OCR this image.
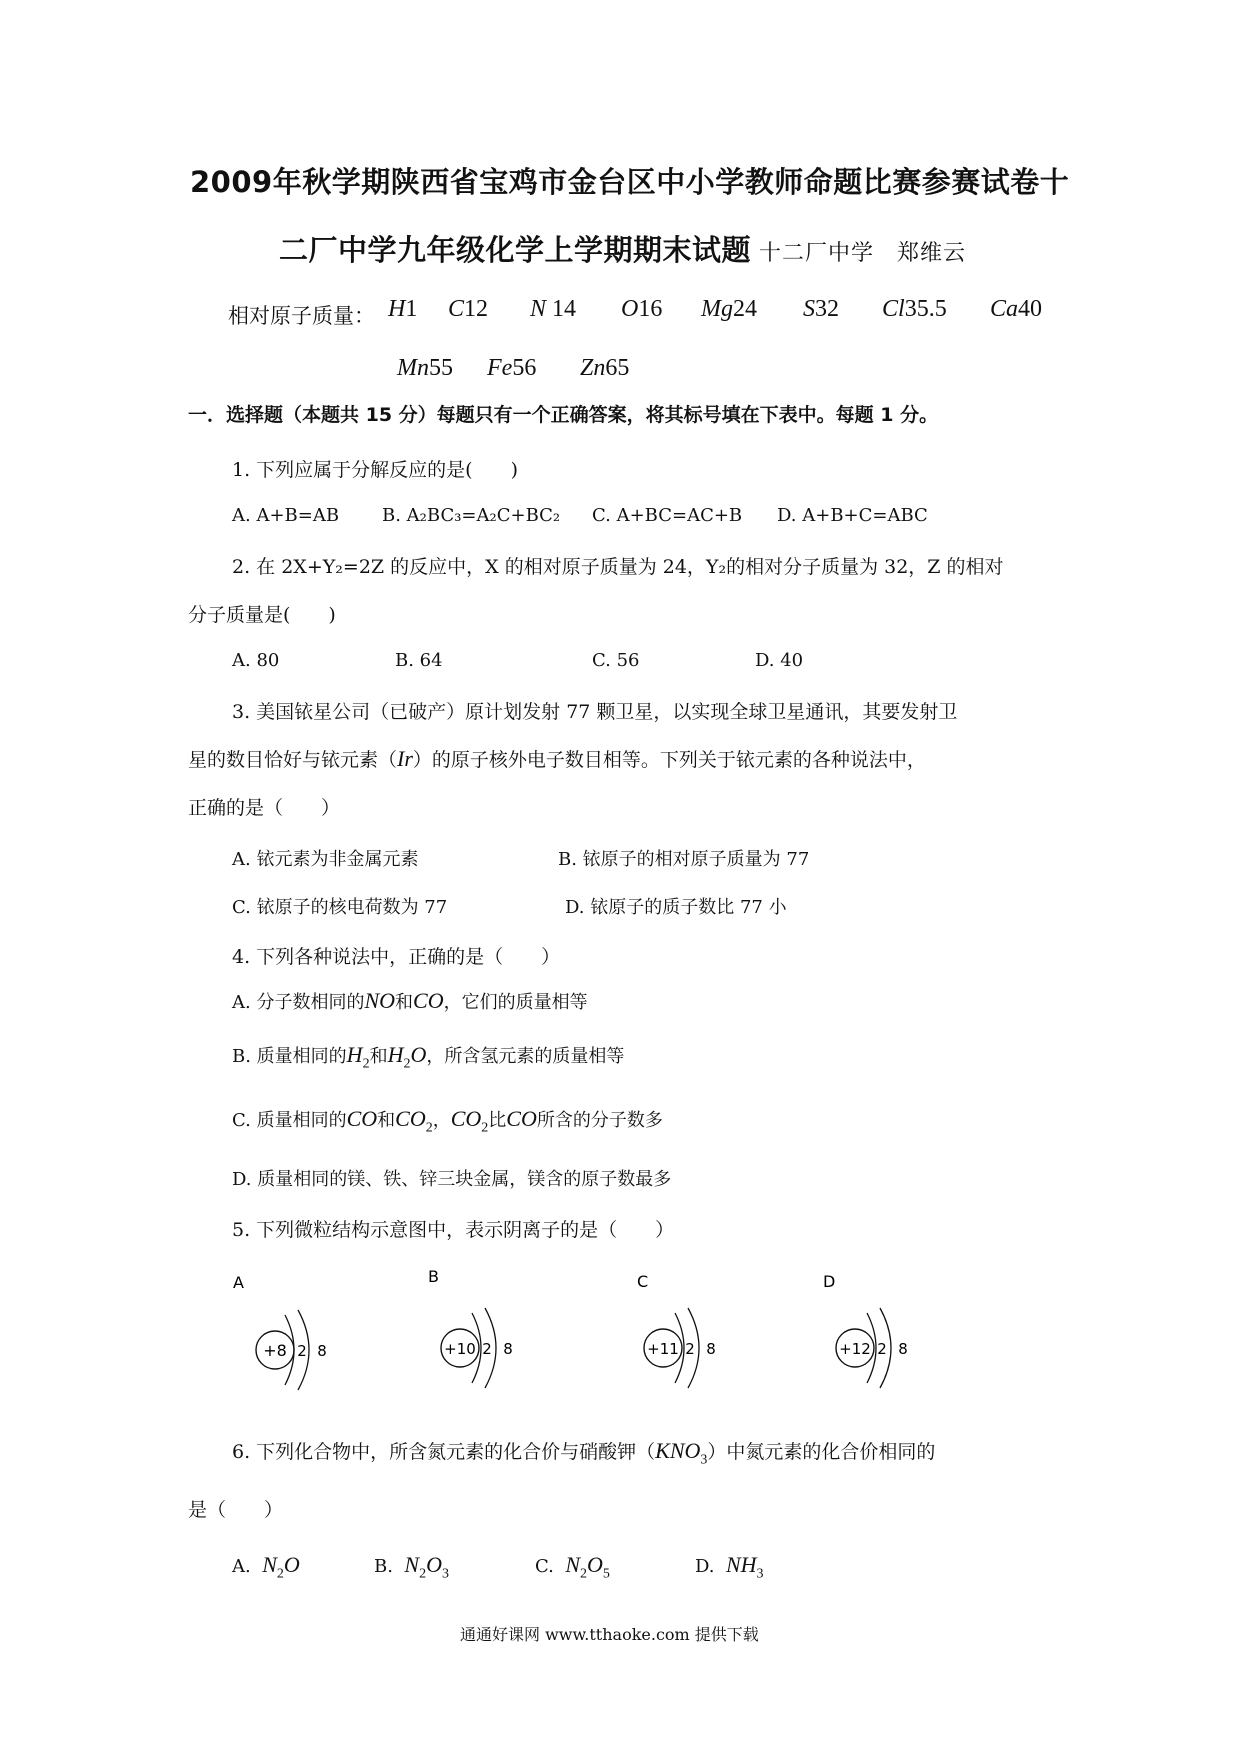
2009年秋学期陕西省宝鸡市金台区中小学教师命题比赛参赛试卷十
二厂中学九年级化学上学期期末试题 十二厂中学　郑维云
相对原子质量： H1 C12 N 14 O16 Mg24 S32 Cl35.5 Ca40
Mn55 Fe56 Zn65
一．选择题（本题共 15 分）每题只有一个正确答案，将其标号填在下表中。每题 1 分。
1. 下列应属于分解反应的是(　　)
A. A+B=AB B. A₂BC₃=A₂C+BC₂ C. A+BC=AC+B D. A+B+C=ABC
2. 在 2X+Y₂=2Z 的反应中，X 的相对原子质量为 24，Y₂的相对分子质量为 32，Z 的相对
分子质量是(　　)
A. 80	B. 64	C. 56	D. 40
3. 美国铱星公司（已破产）原计划发射 77 颗卫星，以实现全球卫星通讯，其要发射卫
星的数目恰好与铱元素（Ir）的原子核外电子数目相等。下列关于铱元素的各种说法中，
正确的是（　　）
A. 铱元素为非金属元素	B. 铱原子的相对原子质量为 77
C. 铱原子的核电荷数为 77	D. 铱原子的质子数比 77 小
4. 下列各种说法中，正确的是（　　）
A. 分子数相同的NO和CO，它们的质量相等
B. 质量相同的$H_2$和$H_2O$，所含氢元素的质量相等
C. 质量相同的CO和$CO_2$，$CO_2$比CO所含的分子数多
D. 质量相同的镁、铁、锌三块金属，镁含的原子数最多
5. 下列微粒结构示意图中，表示阴离子的是（　　）
A
+8 2 8
B
+10 2 8
C
+11 2 8
D
+12 2 8
6. 下列化合物中，所含氮元素的化合价与硝酸钾$(KNO_3)$中氮元素的化合价相同的
是（　　）
A. $N_2O$	B. $N_2O_3$	C. $N_2O_5$	D. $NH_3$
通通好课网 www.tthaoke.com 提供下载
